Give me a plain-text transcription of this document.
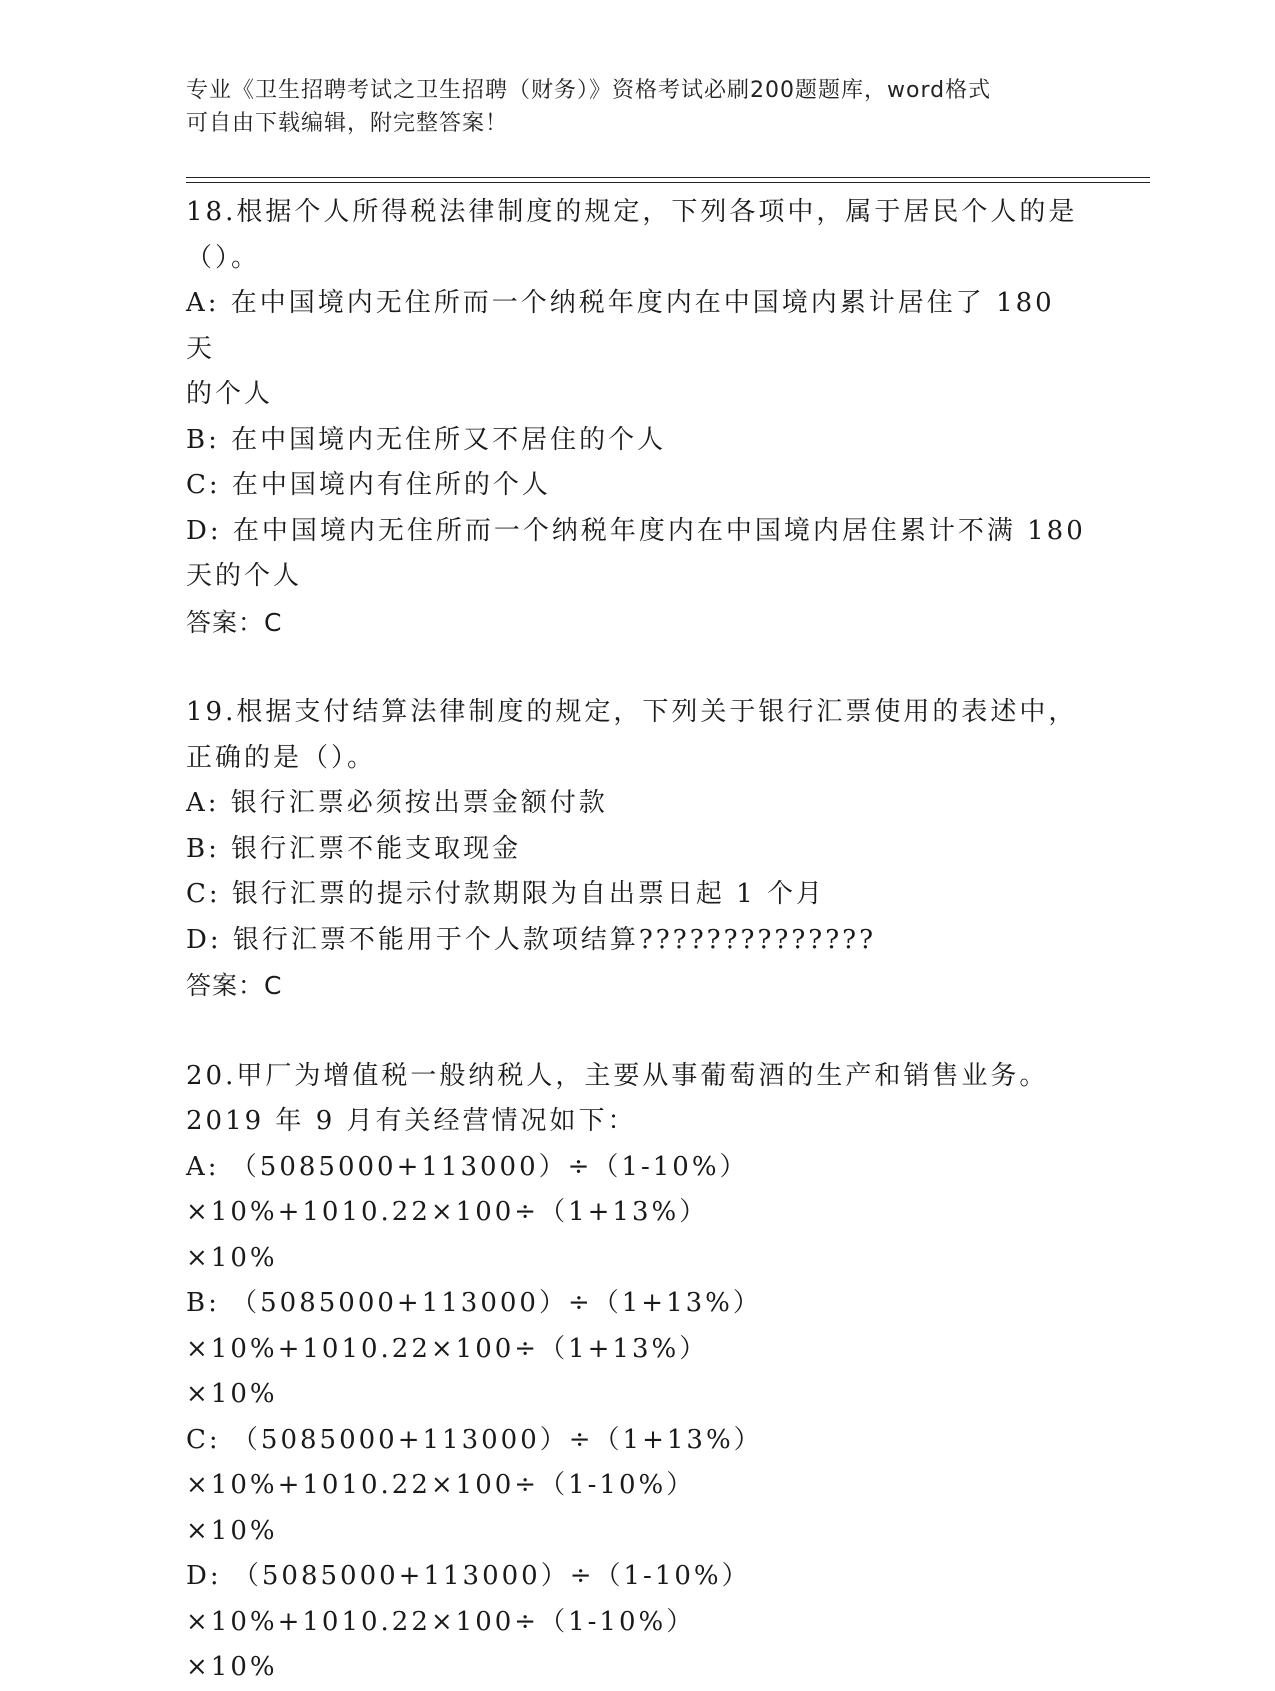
专业《卫生招聘考试之卫生招聘（财务）》资格考试必刷200题题库，word格式
可自由下载编辑，附完整答案！

18.根据个人所得税法律制度的规定，下列各项中，属于居民个人的是

（）。

A: 在中国境内无住所而一个纳税年度内在中国境内累计居住了 180 天

的个人

B: 在中国境内无住所又不居住的个人

C: 在中国境内有住所的个人

D: 在中国境内无住所而一个纳税年度内在中国境内居住累计不满 180

天的个人

答案：C

19.根据支付结算法律制度的规定，下列关于银行汇票使用的表述中，

正确的是（）。

A: 银行汇票必须按出票金额付款

B: 银行汇票不能支取现金

C: 银行汇票的提示付款期限为自出票日起 1 个月

D: 银行汇票不能用于个人款项结算??????????????

答案：C

20.甲厂为增值税一般纳税人，主要从事葡萄酒的生产和销售业务。

2019 年 9 月有关经营情况如下：

A: （5085000+113000）÷（1-10%）×10%+1010.22×100÷（1+13%）

×10%

B: （5085000+113000）÷（1+13%）×10%+1010.22×100÷（1+13%）

×10%

C: （5085000+113000）÷（1+13%）×10%+1010.22×100÷（1-10%）

×10%

D: （5085000+113000）÷（1-10%）×10%+1010.22×100÷（1-10%）

×10%
